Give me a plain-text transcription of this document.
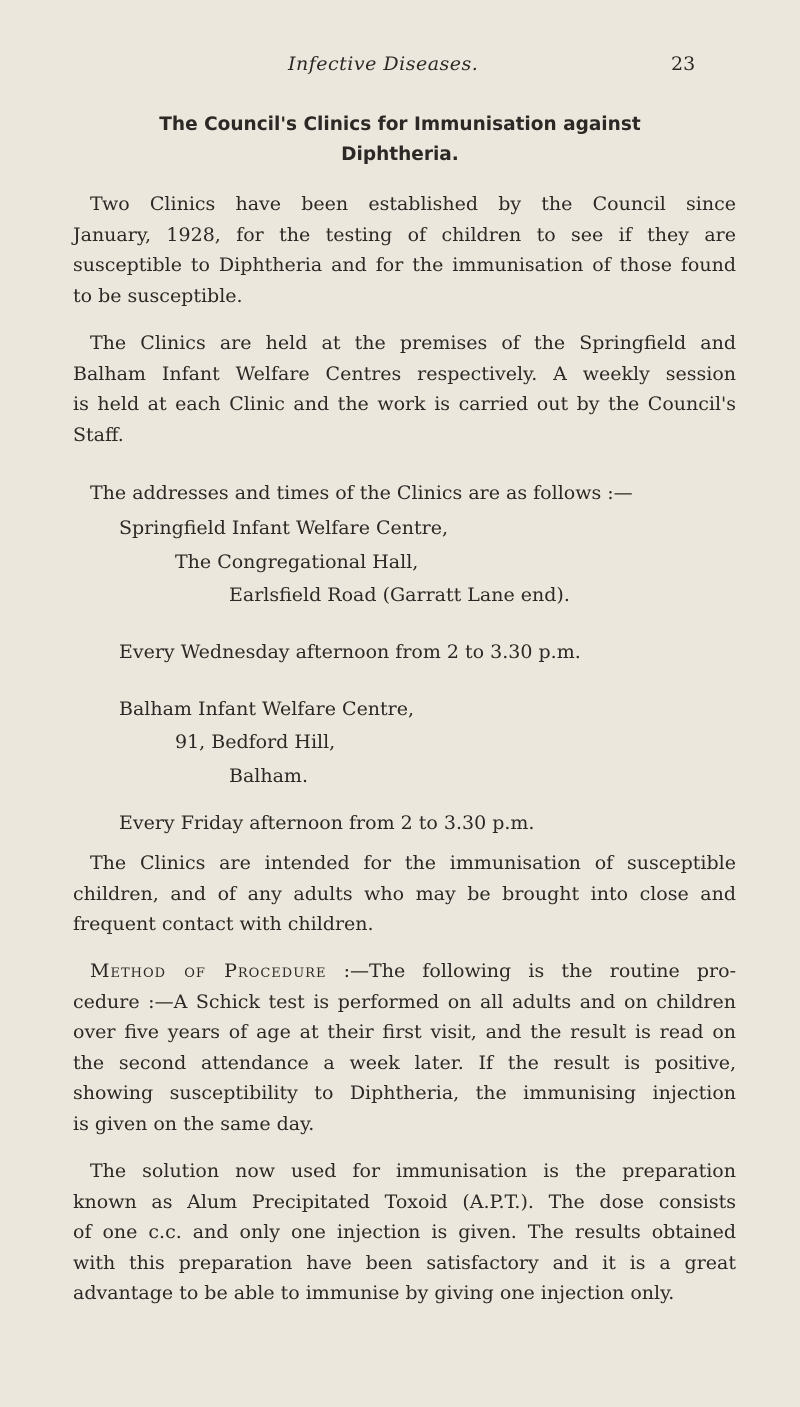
Infective Diseases.	23
The Council's Clinics for Immunisation against
Diphtheria.
Two Clinics have been established by the Council since
January, 1928, for the testing of children to see if they are
susceptible to Diphtheria and for the immunisation of those found
to be susceptible.
The Clinics are held at the premises of the Springfield and
Balham Infant Welfare Centres respectively. A weekly session
is held at each Clinic and the work is carried out by the Council's
Staff.
The addresses and times of the Clinics are as follows :—
Springfield Infant Welfare Centre,
The Congregational Hall,
Earlsfield Road (Garratt Lane end).
Every Wednesday afternoon from 2 to 3.30 p.m.
Balham Infant Welfare Centre,
91, Bedford Hill,
Balham.
Every Friday afternoon from 2 to 3.30 p.m.
The Clinics are intended for the immunisation of susceptible
children, and of any adults who may be brought into close and
frequent contact with children.
Method of Procedure :—The following is the routine pro-
cedure :—A Schick test is performed on all adults and on children
over five years of age at their first visit, and the result is read on
the second attendance a week later. If the result is positive,
showing susceptibility to Diphtheria, the immunising injection
is given on the same day.
The solution now used for immunisation is the preparation
known as Alum Precipitated Toxoid (A.P.T.). The dose consists
of one c.c. and only one injection is given. The results obtained
with this preparation have been satisfactory and it is a great
advantage to be able to immunise by giving one injection only.
